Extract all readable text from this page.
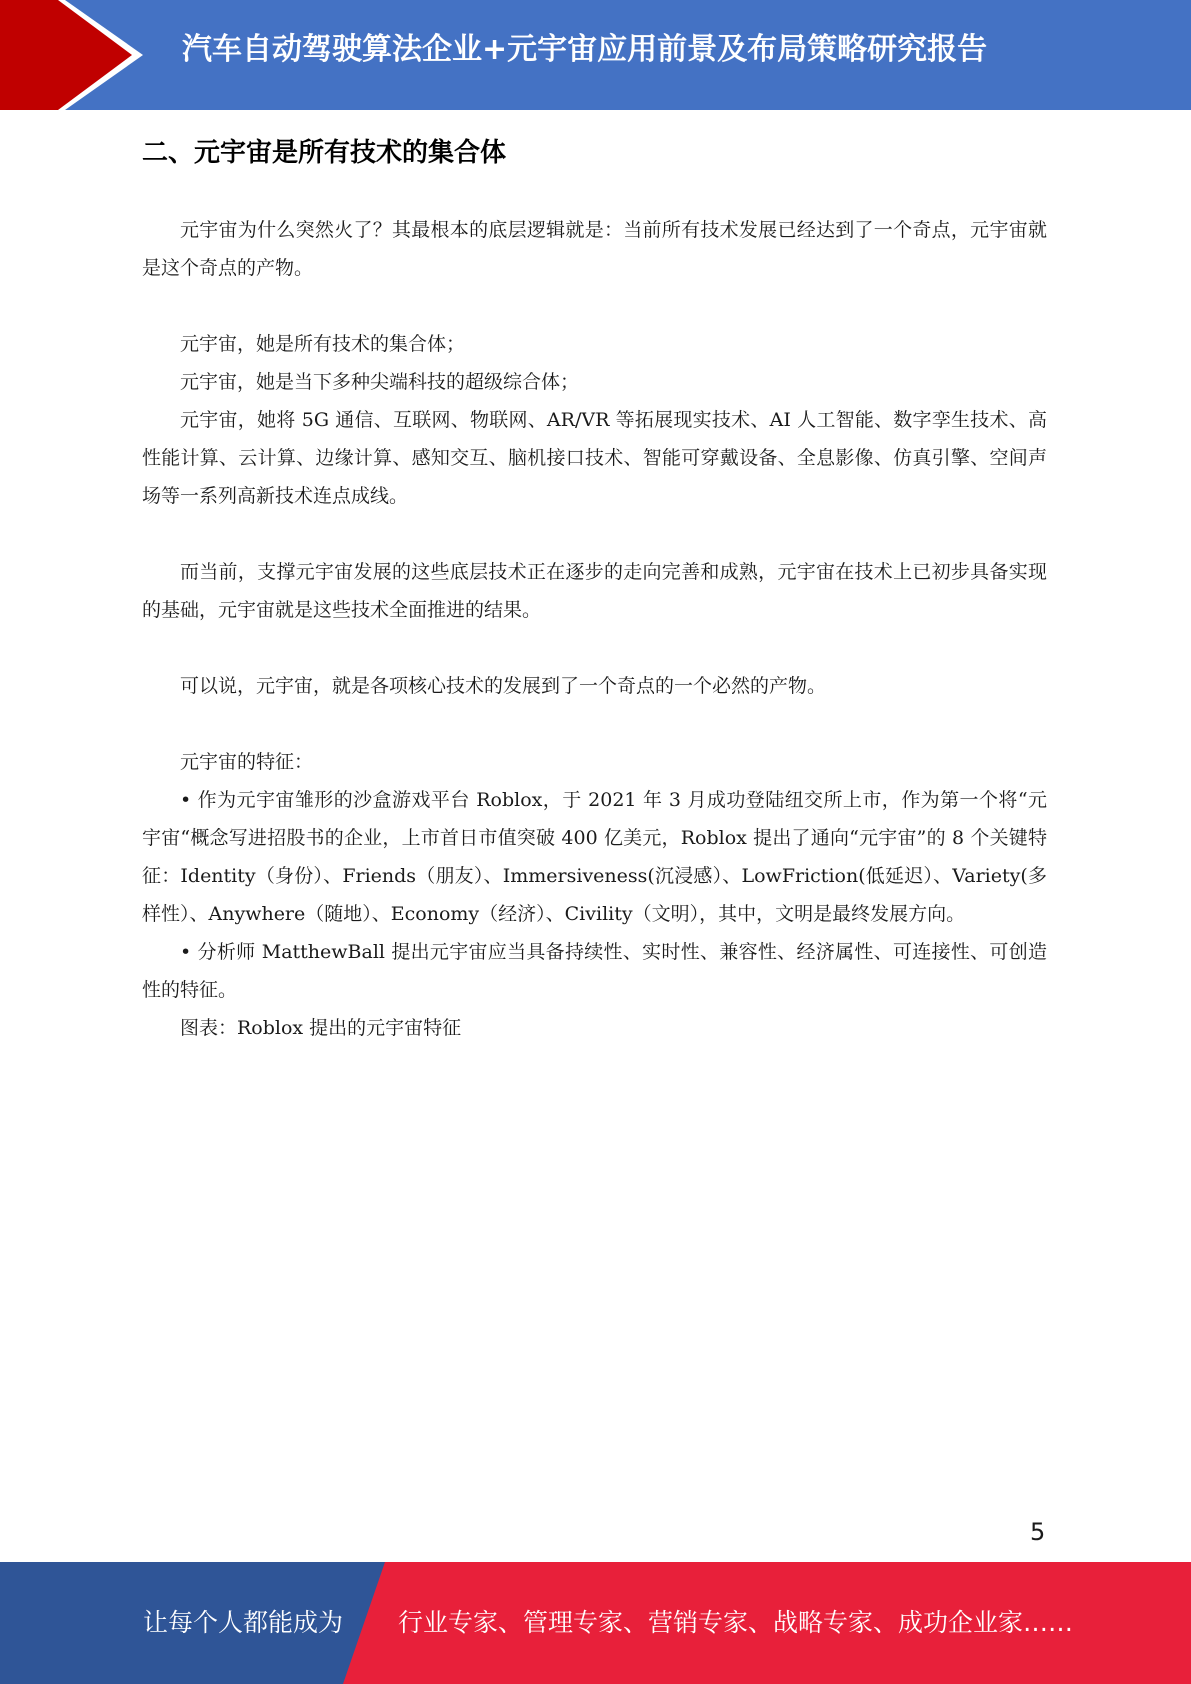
汽车自动驾驶算法企业+元宇宙应用前景及布局策略研究报告
二、元宇宙是所有技术的集合体

元宇宙为什么突然火了？其最根本的底层逻辑就是：当前所有技术发展已经达到了一个奇点，元宇宙就是这个奇点的产物。

元宇宙，她是所有技术的集合体；

元宇宙，她是当下多种尖端科技的超级综合体；

元宇宙，她将 5G 通信、互联网、物联网、AR/VR 等拓展现实技术、AI 人工智能、数字孪生技术、高性能计算、云计算、边缘计算、感知交互、脑机接口技术、智能可穿戴设备、全息影像、仿真引擎、空间声场等一系列高新技术连点成线。

而当前，支撑元宇宙发展的这些底层技术正在逐步的走向完善和成熟，元宇宙在技术上已初步具备实现的基础，元宇宙就是这些技术全面推进的结果。

可以说，元宇宙，就是各项核心技术的发展到了一个奇点的一个必然的产物。

元宇宙的特征：

• 作为元宇宙雏形的沙盒游戏平台 Roblox，于 2021 年 3 月成功登陆纽交所上市，作为第一个将“元宇宙“概念写进招股书的企业，上市首日市值突破 400 亿美元，Roblox 提出了通向“元宇宙”的 8 个关键特征：Identity（身份）、Friends（朋友）、Immersiveness(沉浸感）、LowFriction(低延迟）、Variety(多样性）、Anywhere（随地）、Economy（经济）、Civility（文明），其中，文明是最终发展方向。

• 分析师 MatthewBall 提出元宇宙应当具备持续性、实时性、兼容性、经济属性、可连接性、可创造性的特征。

图表：Roblox 提出的元宇宙特征

5
让每个人都能成为 行业专家、管理专家、营销专家、战略专家、成功企业家……
